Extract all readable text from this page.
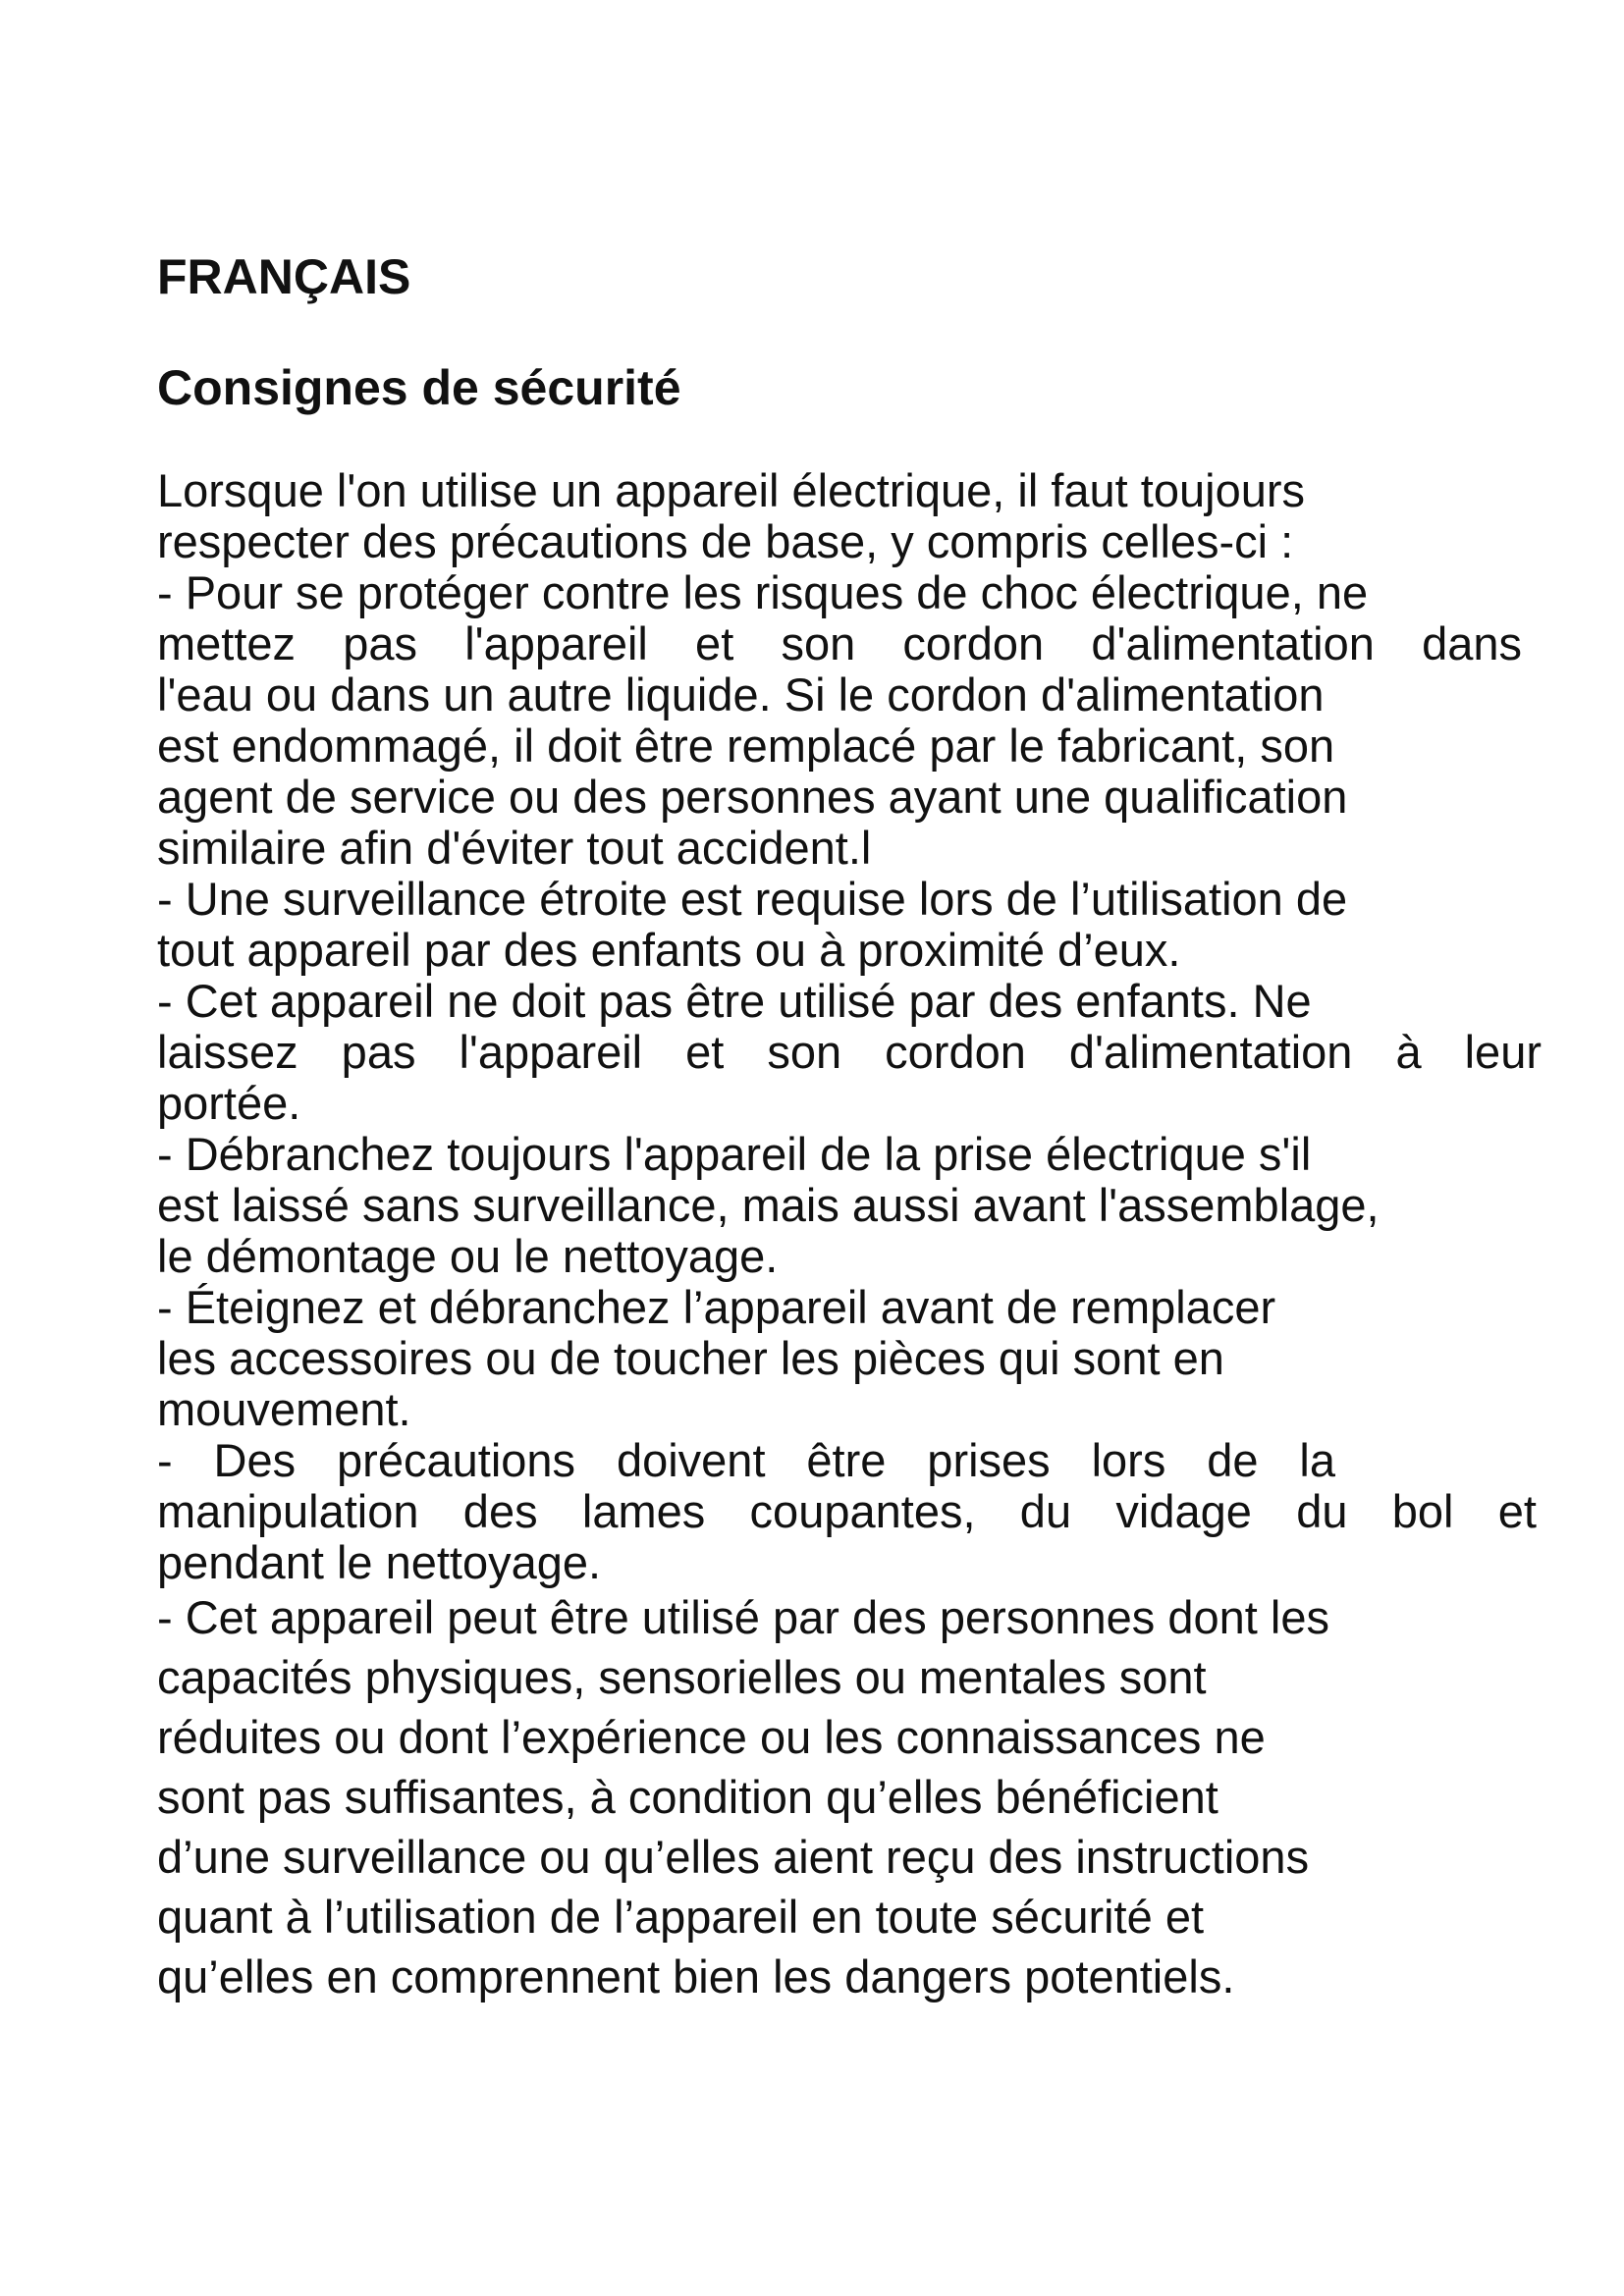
FRANÇAIS
Consignes de sécurité

Lorsque l'on utilise un appareil électrique, il faut toujours

respecter des précautions de base, y compris celles-ci :

- Pour se protéger contre les risques de choc électrique, ne

mettez pas l'appareil et son cordon d'alimentation dans

l'eau ou dans un autre liquide. Si le cordon d'alimentation

est endommagé, il doit être remplacé par le fabricant, son

agent de service ou des personnes ayant une qualification

similaire afin d'éviter tout accident.l

- Une surveillance étroite est requise lors de l’utilisation de

tout appareil par des enfants ou à proximité d’eux.

- Cet appareil ne doit pas être utilisé par des enfants. Ne

laissez pas l'appareil et son cordon d'alimentation à leur

portée.

- Débranchez toujours l'appareil de la prise électrique s'il

est laissé sans surveillance, mais aussi avant l'assemblage,

le démontage ou le nettoyage.

- Éteignez et débranchez l’appareil avant de remplacer

les accessoires ou de toucher les pièces qui sont en

mouvement.

- Des précautions doivent être prises lors de la

manipulation des lames coupantes, du vidage du bol et

pendant le nettoyage.

- Cet appareil peut être utilisé par des personnes dont les

capacités physiques, sensorielles ou mentales sont

réduites ou dont l’expérience ou les connaissances ne

sont pas suffisantes, à condition qu’elles bénéficient

d’une surveillance ou qu’elles aient reçu des instructions

quant à l’utilisation de l’appareil en toute sécurité et

qu’elles en comprennent bien les dangers potentiels.
